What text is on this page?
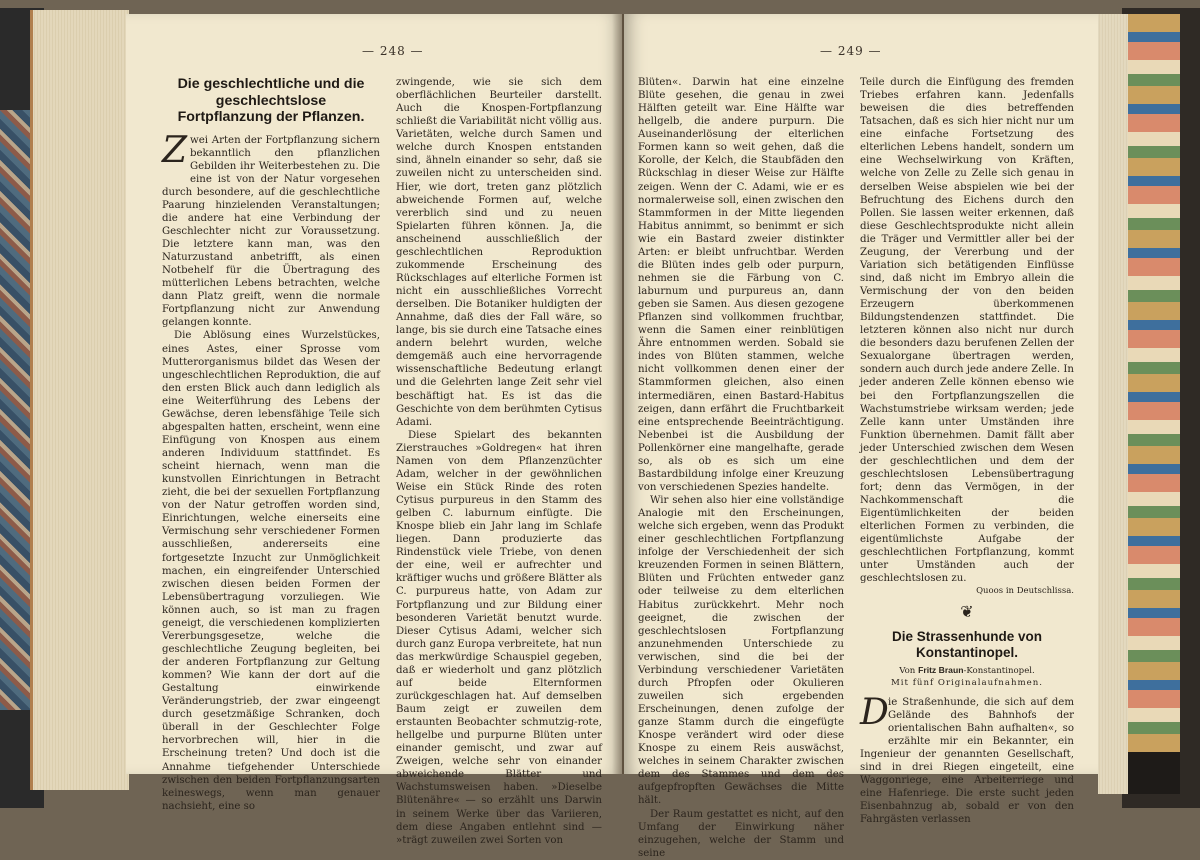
— 248 —
Die geschlechtliche und die
geschlechtslose
Fortpflanzung der Pflanzen.

Zwei Arten der Fortpflanzung sichern bekanntlich den pflanzlichen Gebilden ihr Weiterbestehen zu. Die eine ist von der Natur vorgesehen durch besondere, auf die geschlechtliche Paarung hinzielenden Veranstaltungen; die andere hat eine Verbindung der Geschlechter nicht zur Voraussetzung. Die letztere kann man, was den Naturzustand anbetrifft, als einen Notbehelf für die Übertragung des mütterlichen Lebens betrachten, welche dann Platz greift, wenn die normale Fortpflanzung nicht zur Anwendung gelangen konnte.

Die Ablösung eines Wurzelstückes, eines Astes, einer Sprosse vom Mutterorganismus bildet das Wesen der ungeschlechtlichen Reproduktion, die auf den ersten Blick auch dann lediglich als eine Weiterführung des Lebens der Gewächse, deren lebensfähige Teile sich abgespalten hatten, erscheint, wenn eine Einfügung von Knospen aus einem anderen Individuum stattfindet. Es scheint hiernach, wenn man die kunstvollen Einrichtungen in Betracht zieht, die bei der sexuellen Fortpflanzung von der Natur getroffen worden sind, Einrichtungen, welche einerseits eine Vermischung sehr verschiedener Formen ausschließen, andererseits eine fortgesetzte Inzucht zur Unmöglichkeit machen, ein eingreifender Unterschied zwischen diesen beiden Formen der Lebensübertragung vorzuliegen. Wie können auch, so ist man zu fragen geneigt, die verschiedenen komplizierten Vererbungsgesetze, welche die geschlechtliche Zeugung begleiten, bei der anderen Fortpflanzung zur Geltung kommen? Wie kann der dort auf die Gestaltung einwirkende Veränderungstrieb, der zwar eingeengt durch gesetzmäßige Schranken, doch überall in der Geschlechter Folge hervorbrechen will, hier in die Erscheinung treten? Und doch ist die Annahme tiefgehender Unterschiede zwischen den beiden Fortpflanzungsarten keineswegs, wenn man genauer nachsieht, eine so

zwingende, wie sie sich dem oberflächlichen Beurteiler darstellt. Auch die Knospen-Fortpflanzung schließt die Variabilität nicht völlig aus. Varietäten, welche durch Samen und welche durch Knospen entstanden sind, ähneln einander so sehr, daß sie zuweilen nicht zu unterscheiden sind. Hier, wie dort, treten ganz plötzlich abweichende Formen auf, welche vererblich sind und zu neuen Spielarten führen können. Ja, die anscheinend ausschließlich der geschlechtlichen Reproduktion zukommende Erscheinung des Rückschlages auf elterliche Formen ist nicht ein ausschließliches Vorrecht derselben. Die Botaniker huldigten der Annahme, daß dies der Fall wäre, so lange, bis sie durch eine Tatsache eines andern belehrt wurden, welche demgemäß auch eine hervorragende wissenschaftliche Bedeutung erlangt und die Gelehrten lange Zeit sehr viel beschäftigt hat. Es ist das die Geschichte von dem berühmten Cytisus Adami.

Diese Spielart des bekannten Zierstrauches »Goldregen« hat ihren Namen von dem Pflanzenzüchter Adam, welcher in der gewöhnlichen Weise ein Stück Rinde des roten Cytisus purpureus in den Stamm des gelben C. laburnum einfügte. Die Knospe blieb ein Jahr lang im Schlafe liegen. Dann produzierte das Rindenstück viele Triebe, von denen der eine, weil er aufrechter und kräftiger wuchs und größere Blätter als C. purpureus hatte, von Adam zur Fortpflanzung und zur Bildung einer besonderen Varietät benutzt wurde. Dieser Cytisus Adami, welcher sich durch ganz Europa verbreitete, hat nun das merkwürdige Schauspiel gegeben, daß er wiederholt und ganz plötzlich auf beide Elternformen zurückgeschlagen hat. Auf demselben Baum zeigt er zuweilen dem erstaunten Beobachter schmutzig-rote, hellgelbe und purpurne Blüten unter einander gemischt, und zwar auf Zweigen, welche sehr von einander abweichende Blätter und Wachstumsweisen haben. »Dieselbe Blütenähre« — so erzählt uns Darwin in seinem Werke über das Variieren, dem diese Angaben entlehnt sind — »trägt zuweilen zwei Sorten von

— 249 —

Blüten«. Darwin hat eine einzelne Blüte gesehen, die genau in zwei Hälften geteilt war. Eine Hälfte war hellgelb, die andere purpurn. Die Auseinanderlösung der elterlichen Formen kann so weit gehen, daß die Korolle, der Kelch, die Staubfäden den Rückschlag in dieser Weise zur Hälfte zeigen. Wenn der C. Adami, wie er es normalerweise soll, einen zwischen den Stammformen in der Mitte liegenden Habitus annimmt, so benimmt er sich wie ein Bastard zweier distinkter Arten: er bleibt unfruchtbar. Werden die Blüten indes gelb oder purpurn, nehmen sie die Färbung von C. laburnum und purpureus an, dann geben sie Samen. Aus diesen gezogene Pflanzen sind vollkommen fruchtbar, wenn die Samen einer reinblütigen Ähre entnommen werden. Sobald sie indes von Blüten stammen, welche nicht vollkommen denen einer der Stammformen gleichen, also einen intermediären, einen Bastard-Habitus zeigen, dann erfährt die Fruchtbarkeit eine entsprechende Beeinträchtigung. Nebenbei ist die Ausbildung der Pollenkörner eine mangelhafte, gerade so, als ob es sich um eine Bastardbildung infolge einer Kreuzung von verschiedenen Spezies handelte.

Wir sehen also hier eine vollständige Analogie mit den Erscheinungen, welche sich ergeben, wenn das Produkt einer geschlechtlichen Fortpflanzung infolge der Verschiedenheit der sich kreuzenden Formen in seinen Blättern, Blüten und Früchten entweder ganz oder teilweise zu dem elterlichen Habitus zurückkehrt. Mehr noch geeignet, die zwischen der geschlechtslosen Fortpflanzung anzunehmenden Unterschiede zu verwischen, sind die bei der Verbindung verschiedener Varietäten durch Pfropfen oder Okulieren zuweilen sich ergebenden Erscheinungen, denen zufolge der ganze Stamm durch die eingefügte Knospe verändert wird oder diese Knospe zu einem Reis auswächst, welches in seinem Charakter zwischen dem des Stammes und dem des aufgepfropften Gewächses die Mitte hält.

Der Raum gestattet es nicht, auf den Umfang der Einwirkung näher einzugehen, welche der Stamm und seine

Teile durch die Einfügung des fremden Triebes erfahren kann. Jedenfalls beweisen die dies betreffenden Tatsachen, daß es sich hier nicht nur um eine einfache Fortsetzung des elterlichen Lebens handelt, sondern um eine Wechselwirkung von Kräften, welche von Zelle zu Zelle sich genau in derselben Weise abspielen wie bei der Befruchtung des Eichens durch den Pollen. Sie lassen weiter erkennen, daß diese Geschlechtsprodukte nicht allein die Träger und Vermittler aller bei der Zeugung, der Vererbung und der Variation sich betätigenden Einflüsse sind, daß nicht im Embryo allein die Vermischung der von den beiden Erzeugern überkommenen Bildungstendenzen stattfindet. Die letzteren können also nicht nur durch die besonders dazu berufenen Zellen der Sexualorgane übertragen werden, sondern auch durch jede andere Zelle. In jeder anderen Zelle können ebenso wie bei den Fortpflanzungszellen die Wachstumstriebe wirksam werden; jede Zelle kann unter Umständen ihre Funktion übernehmen. Damit fällt aber jeder Unterschied zwischen dem Wesen der geschlechtlichen und dem der geschlechtslosen Lebensübertragung fort; denn das Vermögen, in der Nachkommenschaft die Eigentümlichkeiten der beiden elterlichen Formen zu verbinden, die eigentümlichste Aufgabe der geschlechtlichen Fortpflanzung, kommt unter Umständen auch der geschlechtslosen zu.

Quoos in Deutschlissa.

❦
Die Strassenhunde von
Konstantinopel.
Von Fritz Braun-Konstantinopel.
Mit fünf Originalaufnahmen.

Die Straßenhunde, die sich auf dem Gelände des Bahnhofs der orientalischen Bahn aufhalten«, so erzählte mir ein Bekannter, ein Ingenieur der genannten Gesellschaft, sind in drei Riegen eingeteilt, eine Waggonriege, eine Arbeiterriege und eine Hafenriege. Die erste sucht jeden Eisenbahnzug ab, sobald er von den Fahrgästen verlassen
